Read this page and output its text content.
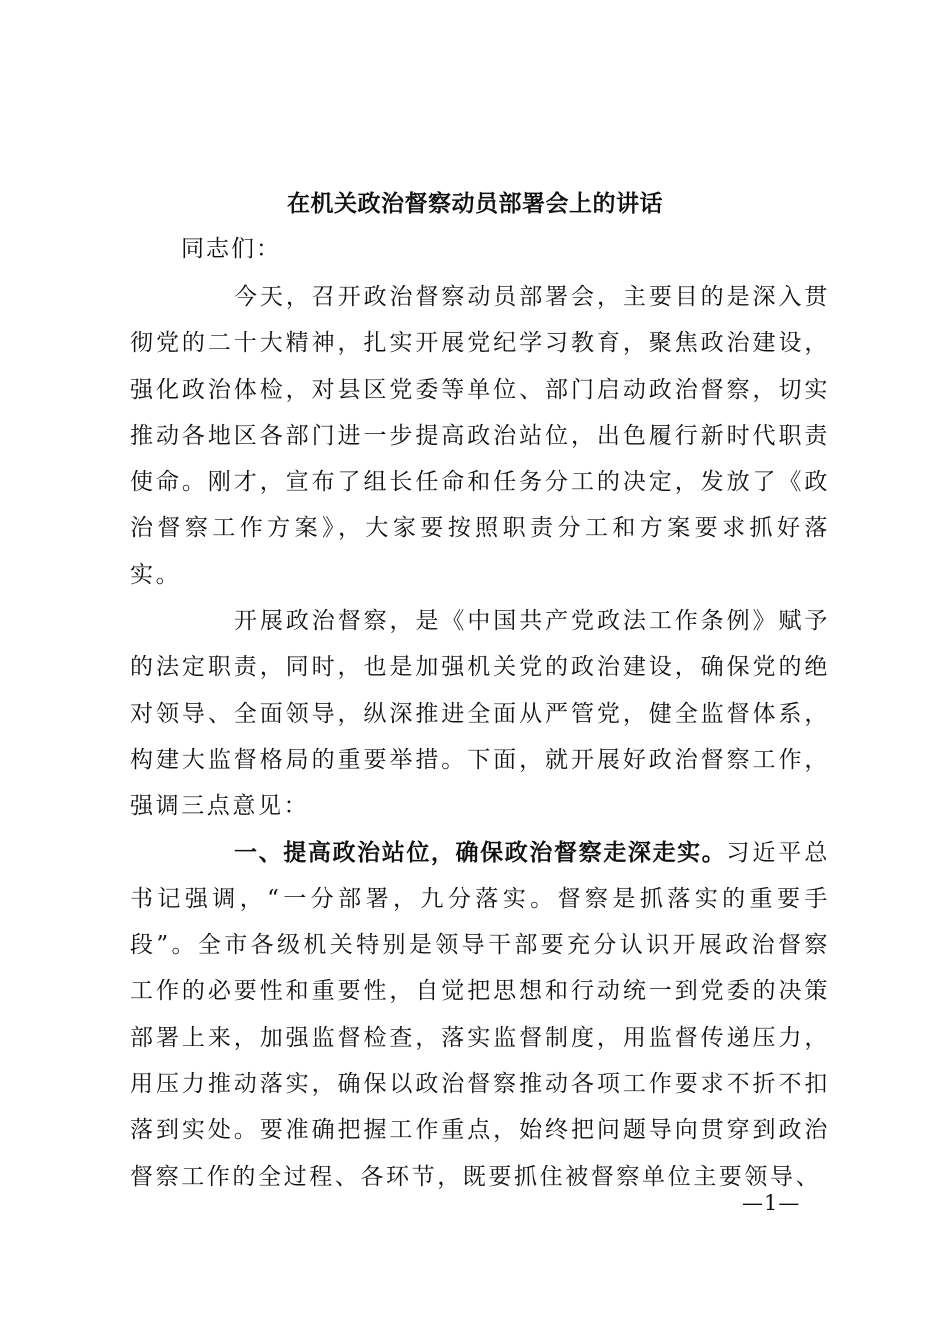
在机关政治督察动员部署会上的讲话

同志们：

今天，召开政治督察动员部署会，主要目的是深入贯彻党的二十大精神，扎实开展党纪学习教育，聚焦政治建设，强化政治体检，对县区党委等单位、部门启动政治督察，切实推动各地区各部门进一步提高政治站位，出色履行新时代职责使命。刚才，宣布了组长任命和任务分工的决定，发放了《政治督察工作方案》，大家要按照职责分工和方案要求抓好落实。

开展政治督察，是《中国共产党政法工作条例》赋予的法定职责，同时，也是加强机关党的政治建设，确保党的绝对领导、全面领导，纵深推进全面从严管党，健全监督体系，构建大监督格局的重要举措。下面，就开展好政治督察工作，强调三点意见：

一、提高政治站位，确保政治督察走深走实。习近平总书记强调，“一分部署，九分落实。督察是抓落实的重要手段”。全市各级机关特别是领导干部要充分认识开展政治督察工作的必要性和重要性，自觉把思想和行动统一到党委的决策部署上来，加强监督检查，落实监督制度，用监督传递压力，用压力推动落实，确保以政治督察推动各项工作要求不折不扣落到实处。要准确把握工作重点，始终把问题导向贯穿到政治督察工作的全过程、各环节，既要抓住被督察单位主要领导、

—1—
